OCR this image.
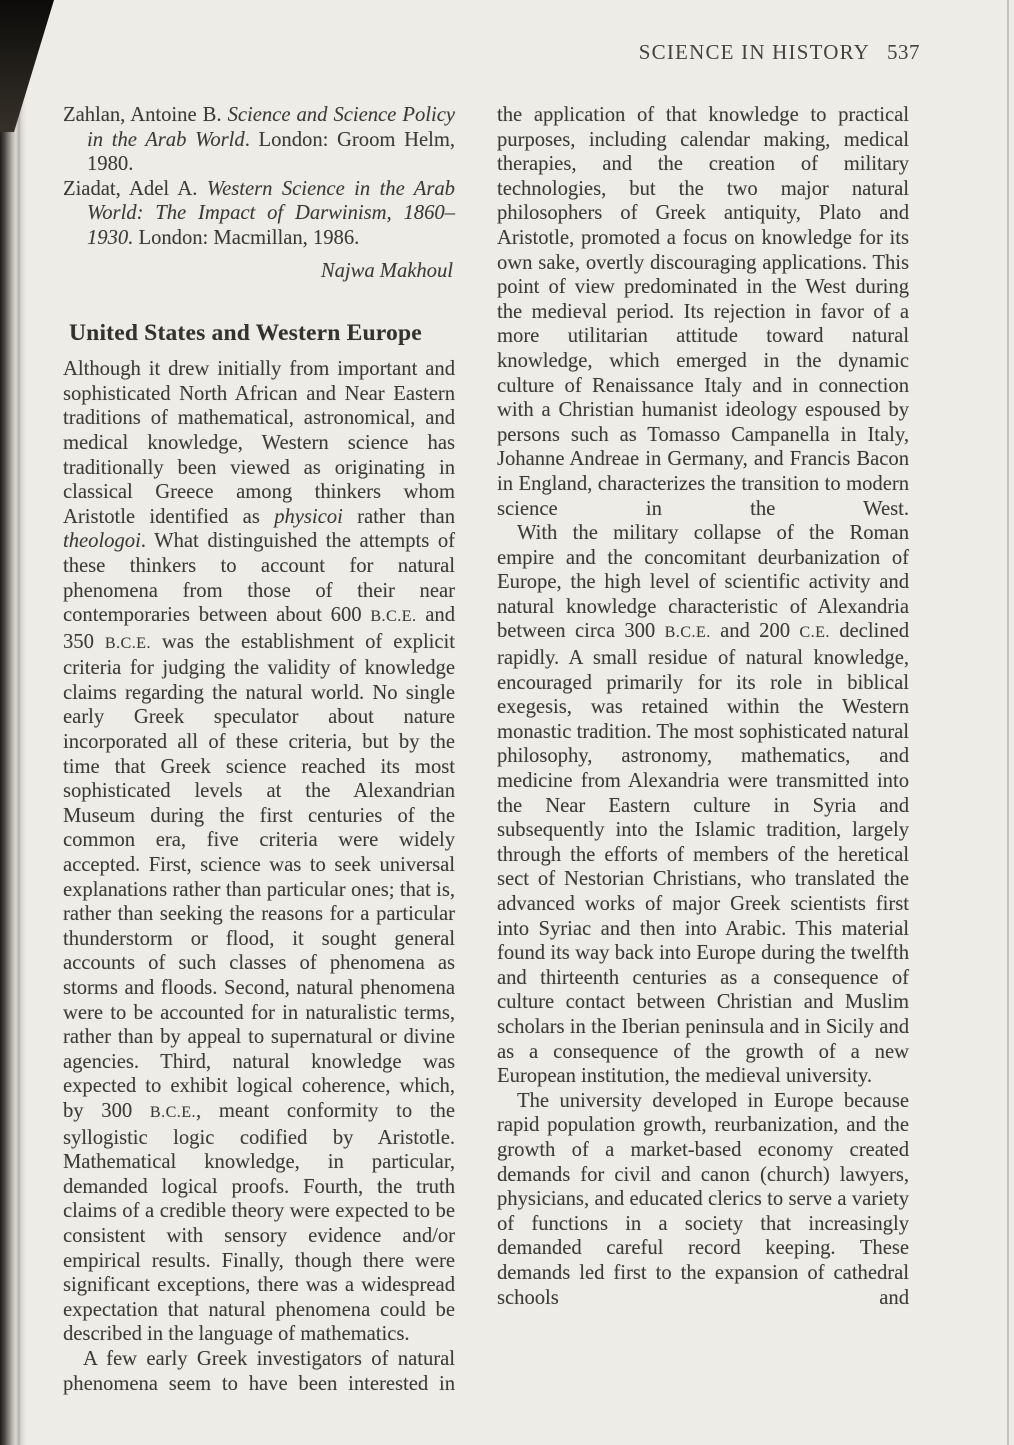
SCIENCE IN HISTORY 537

Zahlan, Antoine B. Science and Science Policy in the Arab World. London: Groom Helm, 1980.

Ziadat, Adel A. Western Science in the Arab World: The Impact of Darwinism, 1860–1930. London: Macmillan, 1986.

Najwa Makhoul

United States and Western Europe

Although it drew initially from important and sophisticated North African and Near Eastern traditions of mathematical, astronomical, and medical knowledge, Western science has traditionally been viewed as originating in classical Greece among thinkers whom Aristotle identified as physicoi rather than theologoi. What distinguished the attempts of these thinkers to account for natural phenomena from those of their near contemporaries between about 600 B.C.E. and 350 B.C.E. was the establishment of explicit criteria for judging the validity of knowledge claims regarding the natural world. No single early Greek speculator about nature incorporated all of these criteria, but by the time that Greek science reached its most sophisticated levels at the Alexandrian Museum during the first centuries of the common era, five criteria were widely accepted. First, science was to seek universal explanations rather than particular ones; that is, rather than seeking the reasons for a particular thunderstorm or flood, it sought general accounts of such classes of phenomena as storms and floods. Second, natural phenomena were to be accounted for in naturalistic terms, rather than by appeal to supernatural or divine agencies. Third, natural knowledge was expected to exhibit logical coherence, which, by 300 B.C.E., meant conformity to the syllogistic logic codified by Aristotle. Mathematical knowledge, in particular, demanded logical proofs. Fourth, the truth claims of a credible theory were expected to be consistent with sensory evidence and/or empirical results. Finally, though there were significant exceptions, there was a widespread expectation that natural phenomena could be described in the language of mathematics.

A few early Greek investigators of natural phenomena seem to have been interested in

the application of that knowledge to practical purposes, including calendar making, medical therapies, and the creation of military technologies, but the two major natural philosophers of Greek antiquity, Plato and Aristotle, promoted a focus on knowledge for its own sake, overtly discouraging applications. This point of view predominated in the West during the medieval period. Its rejection in favor of a more utilitarian attitude toward natural knowledge, which emerged in the dynamic culture of Renaissance Italy and in connection with a Christian humanist ideology espoused by persons such as Tomasso Campanella in Italy, Johanne Andreae in Germany, and Francis Bacon in England, characterizes the transition to modern science in the West.

With the military collapse of the Roman empire and the concomitant deurbanization of Europe, the high level of scientific activity and natural knowledge characteristic of Alexandria between circa 300 B.C.E. and 200 C.E. declined rapidly. A small residue of natural knowledge, encouraged primarily for its role in biblical exegesis, was retained within the Western monastic tradition. The most sophisticated natural philosophy, astronomy, mathematics, and medicine from Alexandria were transmitted into the Near Eastern culture in Syria and subsequently into the Islamic tradition, largely through the efforts of members of the heretical sect of Nestorian Christians, who translated the advanced works of major Greek scientists first into Syriac and then into Arabic. This material found its way back into Europe during the twelfth and thirteenth centuries as a consequence of culture contact between Christian and Muslim scholars in the Iberian peninsula and in Sicily and as a consequence of the growth of a new European institution, the medieval university.

The university developed in Europe because rapid population growth, reurbanization, and the growth of a market-based economy created demands for civil and canon (church) lawyers, physicians, and educated clerics to serve a variety of functions in a society that increasingly demanded careful record keeping. These demands led first to the expansion of cathedral schools and
